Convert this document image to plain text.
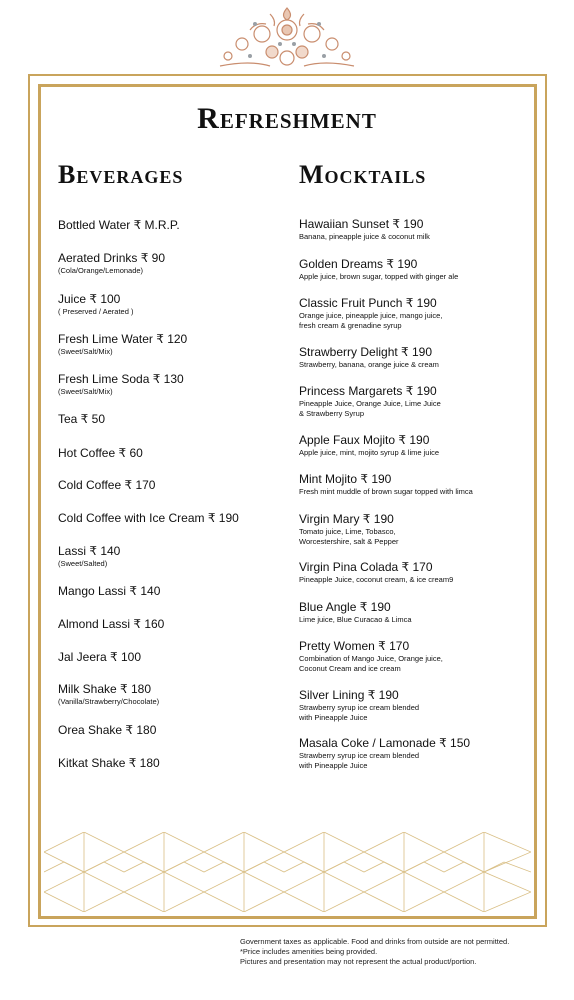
Refreshment
Beverages	Mocktails
Bottled Water ₹ M.R.P.
Aerated Drinks ₹ 90
(Cola/Orange/Lemonade)
Juice ₹ 100
( Preserved / Aerated )
Fresh Lime Water ₹ 120
(Sweet/Salt/Mix)
Fresh Lime Soda ₹ 130
(Sweet/Salt/Mix)
Tea ₹ 50
Hot Coffee ₹ 60
Cold Coffee ₹ 170
Cold Coffee with Ice Cream ₹ 190
Lassi ₹ 140
(Sweet/Salted)
Mango Lassi ₹ 140
Almond Lassi ₹ 160
Jal Jeera ₹ 100
Milk Shake ₹ 180
(Vanilla/Strawberry/Chocolate)
Orea Shake ₹ 180
Kitkat Shake ₹ 180
Hawaiian Sunset ₹ 190
Banana, pineapple juice & coconut milk
Golden Dreams ₹ 190
Apple juice, brown sugar, topped with ginger ale
Classic Fruit Punch ₹ 190
Orange juice, pineapple juice, mango juice,
fresh cream & grenadine syrup
Strawberry Delight ₹ 190
Strawberry, banana, orange juice & cream
Princess Margarets ₹ 190
Pineapple Juice, Orange Juice, Lime Juice
& Strawberry Syrup
Apple Faux Mojito ₹ 190
Apple juice, mint, mojito syrup & lime juice
Mint Mojito ₹ 190
Fresh mint muddle of brown sugar topped with limca
Virgin Mary ₹ 190
Tomato juice, Lime, Tobasco,
Worcestershire, salt & Pepper
Virgin Pina Colada ₹ 170
Pineapple Juice, coconut cream, & ice cream9
Blue Angle ₹ 190
Lime juice, Blue Curacao & Limca
Pretty Women ₹ 170
Combination of Mango Juice, Orange juice,
Coconut Cream and ice cream
Silver Lining ₹ 190
Strawberry syrup ice cream blended
with Pineapple Juice
Masala Coke / Lamonade ₹ 150
Strawberry syrup ice cream blended
with Pineapple Juice
Government taxes as applicable. Food and drinks from outside are not permitted.
*Price includes amenities being provided.
Pictures and presentation may not represent the actual product/portion.
